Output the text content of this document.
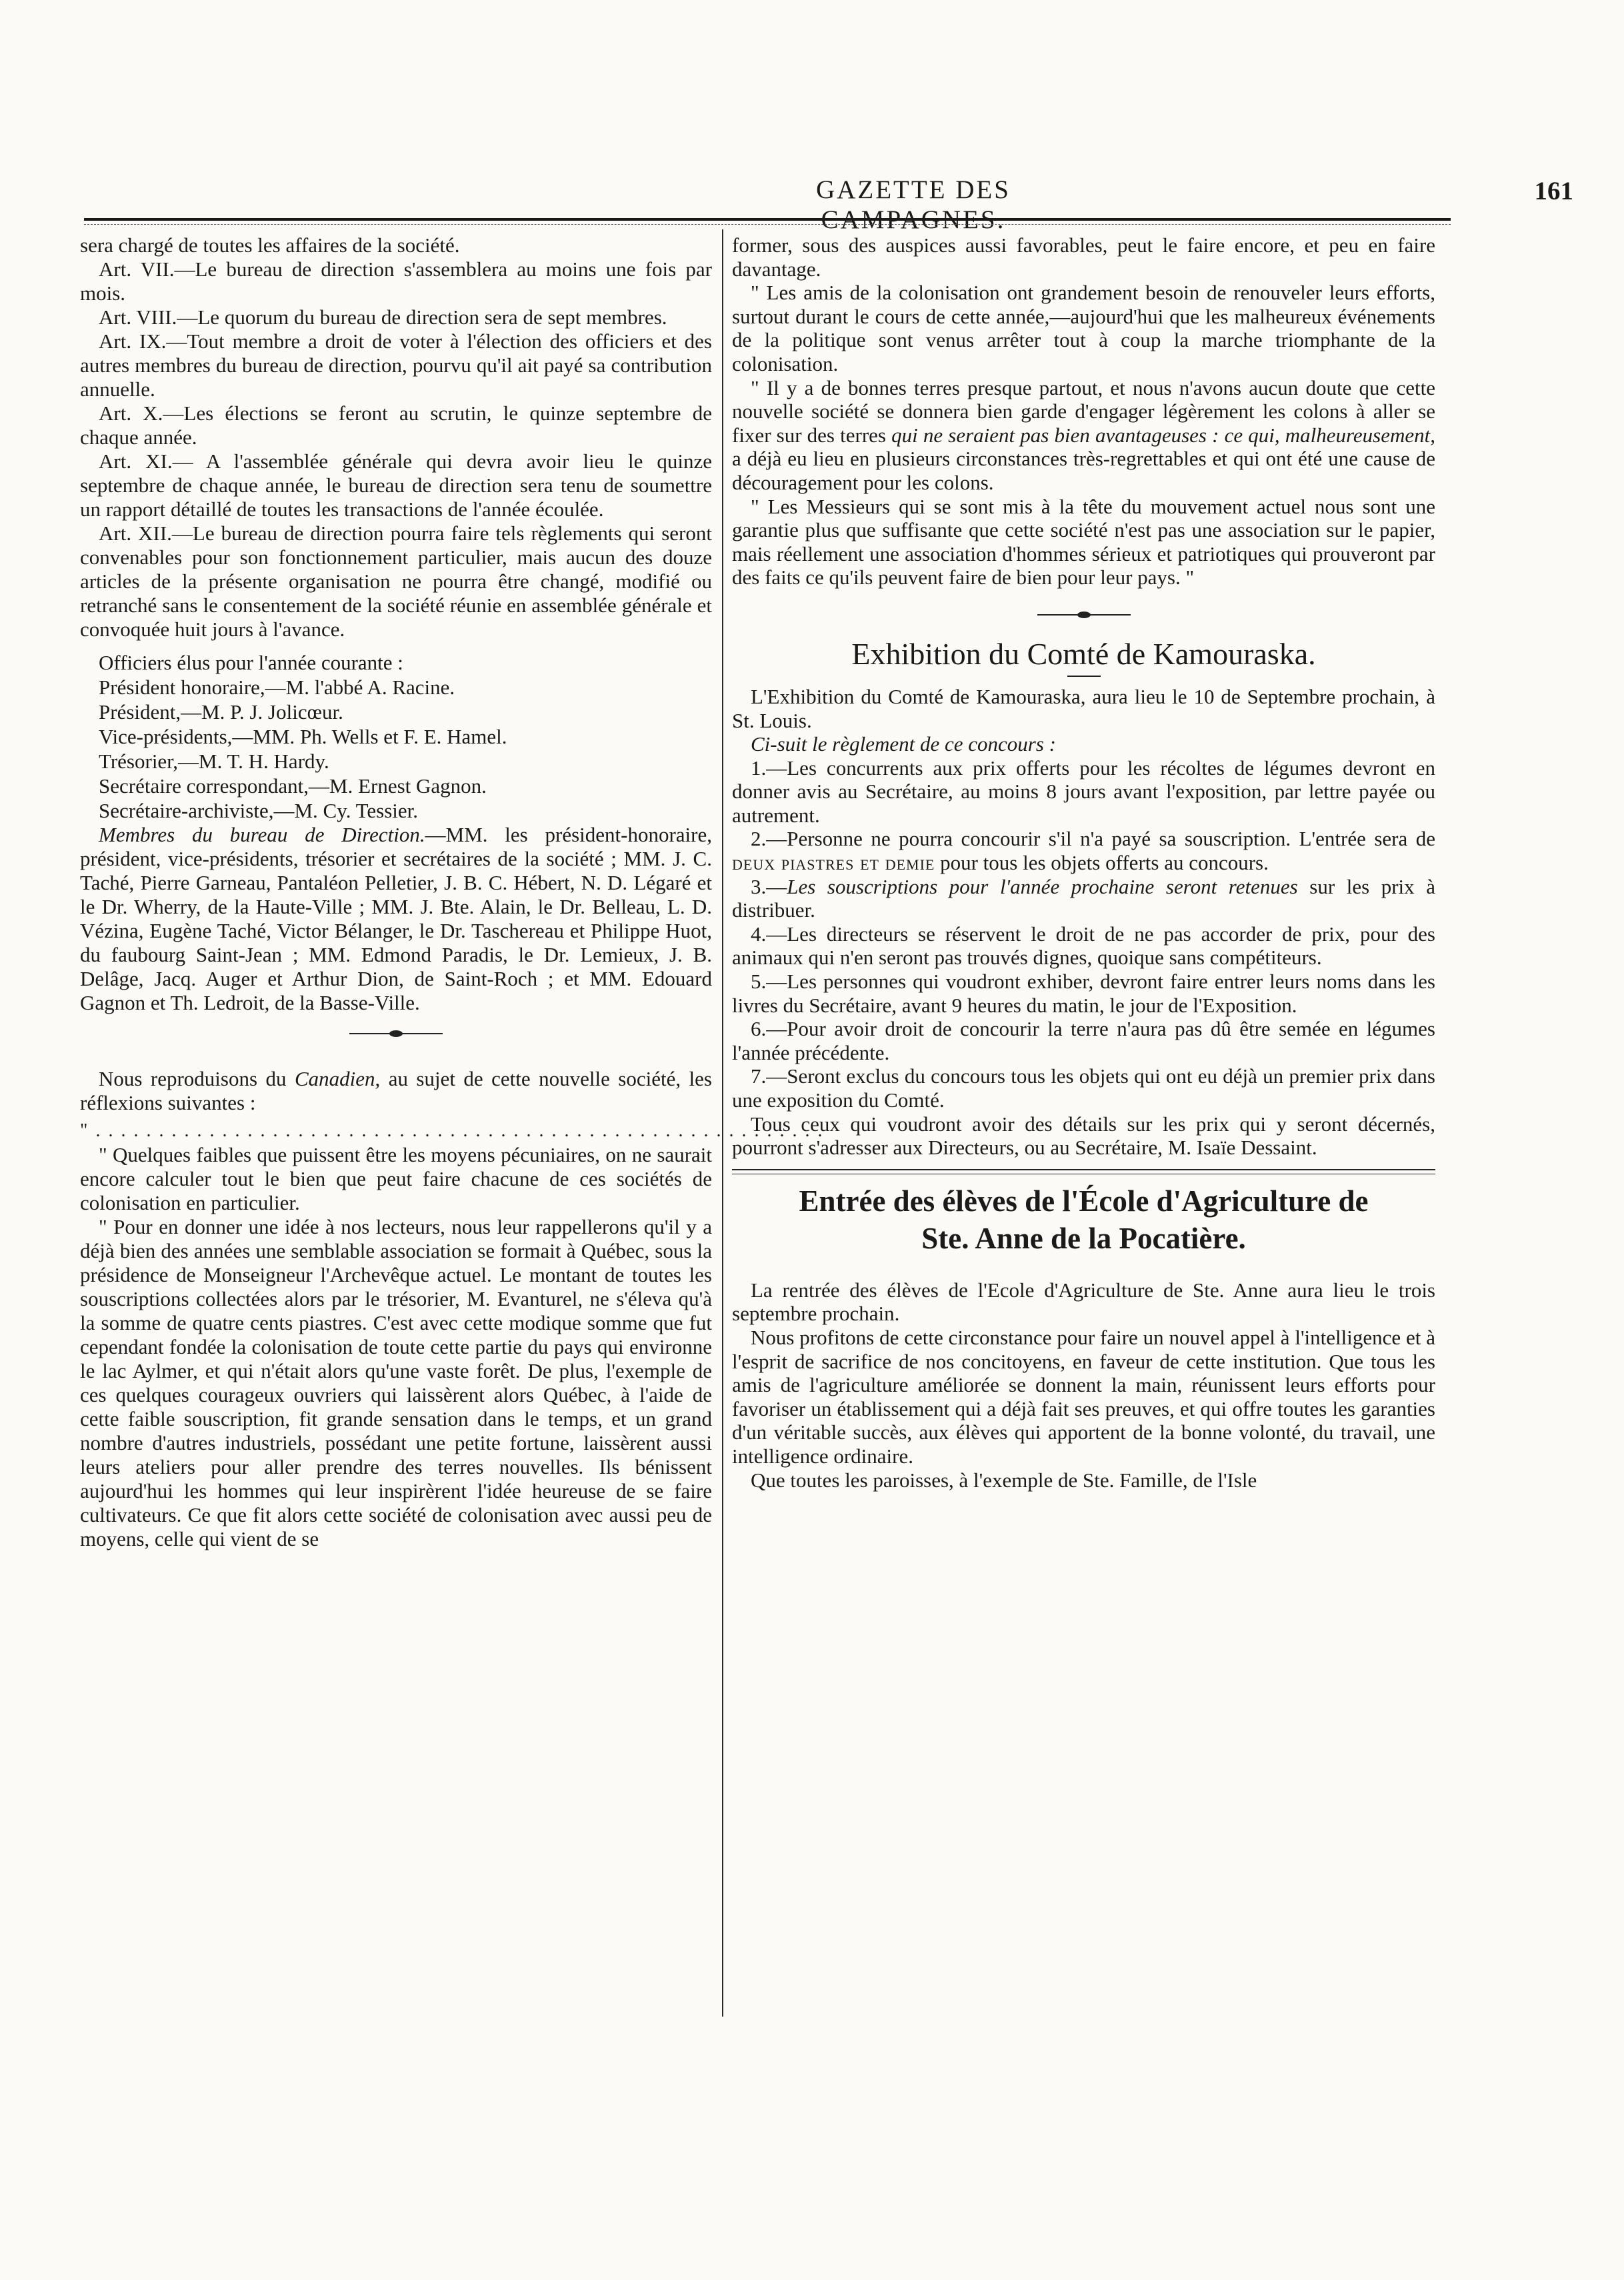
GAZETTE DES CAMPAGNES.
161

sera chargé de toutes les affaires de la société.

Art. VII.—Le bureau de direction s'assemblera au moins une fois par mois.

Art. VIII.—Le quorum du bureau de direction sera de sept membres.

Art. IX.—Tout membre a droit de voter à l'élection des officiers et des autres membres du bureau de direction, pourvu qu'il ait payé sa contribution annuelle.

Art. X.—Les élections se feront au scrutin, le quinze septembre de chaque année.

Art. XI.— A l'assemblée générale qui devra avoir lieu le quinze septembre de chaque année, le bureau de direction sera tenu de soumettre un rapport détaillé de toutes les transactions de l'année écoulée.

Art. XII.—Le bureau de direction pourra faire tels règlements qui seront convenables pour son fonctionnement particulier, mais aucun des douze articles de la présente organisation ne pourra être changé, modifié ou retranché sans le consentement de la société réunie en assemblée générale et convoquée huit jours à l'avance.

Officiers élus pour l'année courante :

Président honoraire,—M. l'abbé A. Racine.

Président,—M. P. J. Jolicœur.

Vice-présidents,—MM. Ph. Wells et F. E. Hamel.

Trésorier,—M. T. H. Hardy.

Secrétaire correspondant,—M. Ernest Gagnon.

Secrétaire-archiviste,—M. Cy. Tessier.

Membres du bureau de Direction.—MM. les président-honoraire, président, vice-présidents, trésorier et secrétaires de la société ; MM. J. C. Taché, Pierre Garneau, Pantaléon Pelletier, J. B. C. Hébert, N. D. Légaré et le Dr. Wherry, de la Haute-Ville ; MM. J. Bte. Alain, le Dr. Belleau, L. D. Vézina, Eugène Taché, Victor Bélanger, le Dr. Taschereau et Philippe Huot, du faubourg Saint-Jean ; MM. Edmond Paradis, le Dr. Lemieux, J. B. Delâge, Jacq. Auger et Arthur Dion, de Saint-Roch ; et MM. Edouard Gagnon et Th. Ledroit, de la Basse-Ville.

Nous reproduisons du Canadien, au sujet de cette nouvelle société, les réflexions suivantes :

"..........................................................

" Quelques faibles que puissent être les moyens pécuniaires, on ne saurait encore calculer tout le bien que peut faire chacune de ces sociétés de colonisation en particulier.

" Pour en donner une idée à nos lecteurs, nous leur rappellerons qu'il y a déjà bien des années une semblable association se formait à Québec, sous la présidence de Monseigneur l'Archevêque actuel. Le montant de toutes les souscriptions collectées alors par le trésorier, M. Evanturel, ne s'éleva qu'à la somme de quatre cents piastres. C'est avec cette modique somme que fut cependant fondée la colonisation de toute cette partie du pays qui environne le lac Aylmer, et qui n'était alors qu'une vaste forêt. De plus, l'exemple de ces quelques courageux ouvriers qui laissèrent alors Québec, à l'aide de cette faible souscription, fit grande sensation dans le temps, et un grand nombre d'autres industriels, possédant une petite fortune, laissèrent aussi leurs ateliers pour aller prendre des terres nouvelles. Ils bénissent aujourd'hui les hommes qui leur inspirèrent l'idée heureuse de se faire cultivateurs. Ce que fit alors cette société de colonisation avec aussi peu de moyens, celle qui vient de se

former, sous des auspices aussi favorables, peut le faire encore, et peu en faire davantage.

" Les amis de la colonisation ont grandement besoin de renouveler leurs efforts, surtout durant le cours de cette année,—aujourd'hui que les malheureux événements de la politique sont venus arrêter tout à coup la marche triomphante de la colonisation.

" Il y a de bonnes terres presque partout, et nous n'avons aucun doute que cette nouvelle société se donnera bien garde d'engager légèrement les colons à aller se fixer sur des terres qui ne seraient pas bien avantageuses : ce qui, malheureusement, a déjà eu lieu en plusieurs circonstances très-regrettables et qui ont été une cause de découragement pour les colons.

" Les Messieurs qui se sont mis à la tête du mouvement actuel nous sont une garantie plus que suffisante que cette société n'est pas une association sur le papier, mais réellement une association d'hommes sérieux et patriotiques qui prouveront par des faits ce qu'ils peuvent faire de bien pour leur pays. "

Exhibition du Comté de Kamouraska.

L'Exhibition du Comté de Kamouraska, aura lieu le 10 de Septembre prochain, à St. Louis.

Ci-suit le règlement de ce concours :

1.—Les concurrents aux prix offerts pour les récoltes de légumes devront en donner avis au Secrétaire, au moins 8 jours avant l'exposition, par lettre payée ou autrement.

2.—Personne ne pourra concourir s'il n'a payé sa souscription. L'entrée sera de deux piastres et demie pour tous les objets offerts au concours.

3.—Les souscriptions pour l'année prochaine seront retenues sur les prix à distribuer.

4.—Les directeurs se réservent le droit de ne pas accorder de prix, pour des animaux qui n'en seront pas trouvés dignes, quoique sans compétiteurs.

5.—Les personnes qui voudront exhiber, devront faire entrer leurs noms dans les livres du Secrétaire, avant 9 heures du matin, le jour de l'Exposition.

6.—Pour avoir droit de concourir la terre n'aura pas dû être semée en légumes l'année précédente.

7.—Seront exclus du concours tous les objets qui ont eu déjà un premier prix dans une exposition du Comté.

Tous ceux qui voudront avoir des détails sur les prix qui y seront décernés, pourront s'adresser aux Directeurs, ou au Secrétaire, M. Isaïe Dessaint.

Entrée des élèves de l'École d'Agriculture de
Ste. Anne de la Pocatière.

La rentrée des élèves de l'Ecole d'Agriculture de Ste. Anne aura lieu le trois septembre prochain.

Nous profitons de cette circonstance pour faire un nouvel appel à l'intelligence et à l'esprit de sacrifice de nos concitoyens, en faveur de cette institution. Que tous les amis de l'agriculture améliorée se donnent la main, réunissent leurs efforts pour favoriser un établissement qui a déjà fait ses preuves, et qui offre toutes les garanties d'un véritable succès, aux élèves qui apportent de la bonne volonté, du travail, une intelligence ordinaire.

Que toutes les paroisses, à l'exemple de Ste. Famille, de l'Isle
